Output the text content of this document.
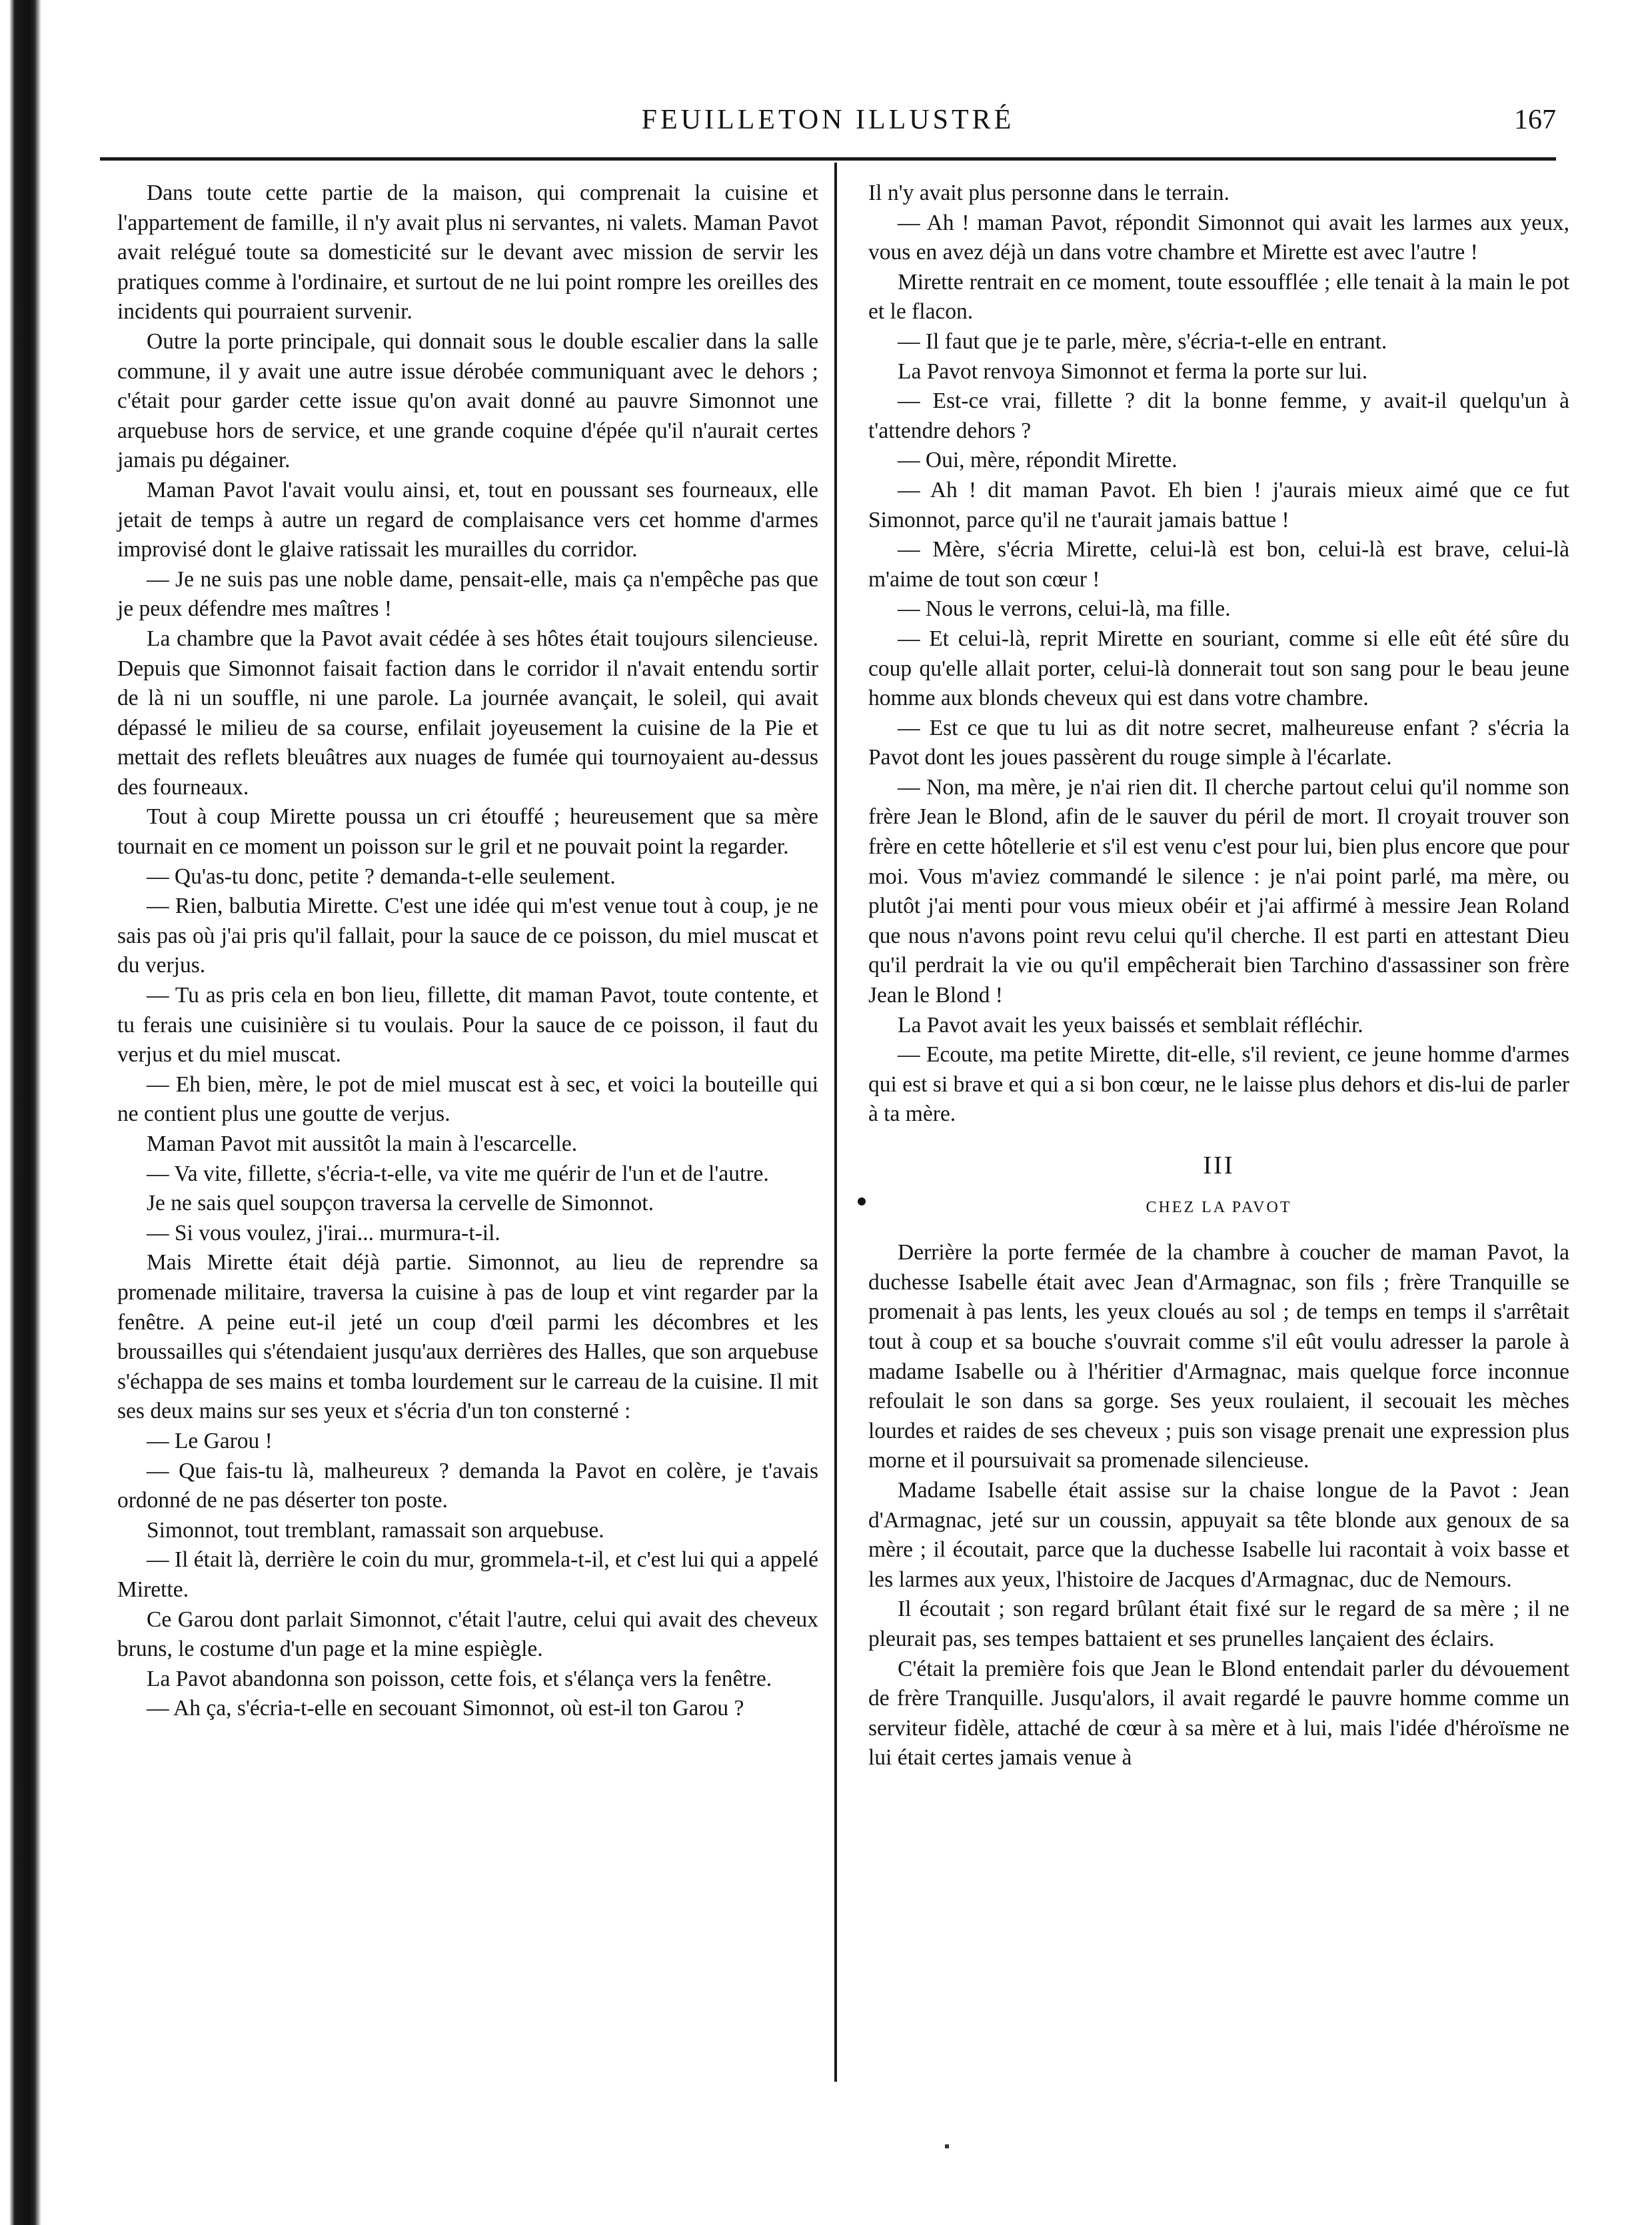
FEUILLETON ILLUSTRÉ	167

Dans toute cette partie de la maison, qui comprenait la cuisine et l'appartement de famille, il n'y avait plus ni servantes, ni valets. Maman Pavot avait relégué toute sa domesticité sur le devant avec mission de servir les pratiques comme à l'ordinaire, et surtout de ne lui point rompre les oreilles des incidents qui pourraient survenir.

Outre la porte principale, qui donnait sous le double escalier dans la salle commune, il y avait une autre issue dérobée communiquant avec le dehors ; c'était pour garder cette issue qu'on avait donné au pauvre Simonnot une arquebuse hors de service, et une grande coquine d'épée qu'il n'aurait certes jamais pu dégainer.

Maman Pavot l'avait voulu ainsi, et, tout en poussant ses fourneaux, elle jetait de temps à autre un regard de complaisance vers cet homme d'armes improvisé dont le glaive ratissait les murailles du corridor.

— Je ne suis pas une noble dame, pensait-elle, mais ça n'empêche pas que je peux défendre mes maîtres !

La chambre que la Pavot avait cédée à ses hôtes était toujours silencieuse. Depuis que Simonnot faisait faction dans le corridor il n'avait entendu sortir de là ni un souffle, ni une parole. La journée avançait, le soleil, qui avait dépassé le milieu de sa course, enfilait joyeusement la cuisine de la Pie et mettait des reflets bleuâtres aux nuages de fumée qui tournoyaient au-dessus des fourneaux.

Tout à coup Mirette poussa un cri étouffé ; heureusement que sa mère tournait en ce moment un poisson sur le gril et ne pouvait point la regarder.

— Qu'as-tu donc, petite ? demanda-t-elle seulement.

— Rien, balbutia Mirette. C'est une idée qui m'est venue tout à coup, je ne sais pas où j'ai pris qu'il fallait, pour la sauce de ce poisson, du miel muscat et du verjus.

— Tu as pris cela en bon lieu, fillette, dit maman Pavot, toute contente, et tu ferais une cuisinière si tu voulais. Pour la sauce de ce poisson, il faut du verjus et du miel muscat.

— Eh bien, mère, le pot de miel muscat est à sec, et voici la bouteille qui ne contient plus une goutte de verjus.

Maman Pavot mit aussitôt la main à l'escarcelle.

— Va vite, fillette, s'écria-t-elle, va vite me quérir de l'un et de l'autre.

Je ne sais quel soupçon traversa la cervelle de Simonnot.

— Si vous voulez, j'irai... murmura-t-il.

Mais Mirette était déjà partie. Simonnot, au lieu de reprendre sa promenade militaire, traversa la cuisine à pas de loup et vint regarder par la fenêtre. A peine eut-il jeté un coup d'œil parmi les décombres et les broussailles qui s'étendaient jusqu'aux derrières des Halles, que son arquebuse s'échappa de ses mains et tomba lourdement sur le carreau de la cuisine. Il mit ses deux mains sur ses yeux et s'écria d'un ton consterné :

— Le Garou !

— Que fais-tu là, malheureux ? demanda la Pavot en colère, je t'avais ordonné de ne pas déserter ton poste.

Simonnot, tout tremblant, ramassait son arquebuse.

— Il était là, derrière le coin du mur, grommela-t-il, et c'est lui qui a appelé Mirette.

Ce Garou dont parlait Simonnot, c'était l'autre, celui qui avait des cheveux bruns, le costume d'un page et la mine espiègle.

La Pavot abandonna son poisson, cette fois, et s'élança vers la fenêtre.

— Ah ça, s'écria-t-elle en secouant Simonnot, où est-il ton Garou ?

Il n'y avait plus personne dans le terrain.

— Ah ! maman Pavot, répondit Simonnot qui avait les larmes aux yeux, vous en avez déjà un dans votre chambre et Mirette est avec l'autre !

Mirette rentrait en ce moment, toute essoufflée ; elle tenait à la main le pot et le flacon.

— Il faut que je te parle, mère, s'écria-t-elle en entrant.

La Pavot renvoya Simonnot et ferma la porte sur lui.

— Est-ce vrai, fillette ? dit la bonne femme, y avait-il quelqu'un à t'attendre dehors ?

— Oui, mère, répondit Mirette.

— Ah ! dit maman Pavot. Eh bien ! j'aurais mieux aimé que ce fut Simonnot, parce qu'il ne t'aurait jamais battue !

— Mère, s'écria Mirette, celui-là est bon, celui-là est brave, celui-là m'aime de tout son cœur !

— Nous le verrons, celui-là, ma fille.

— Et celui-là, reprit Mirette en souriant, comme si elle eût été sûre du coup qu'elle allait porter, celui-là donnerait tout son sang pour le beau jeune homme aux blonds cheveux qui est dans votre chambre.

— Est ce que tu lui as dit notre secret, malheureuse enfant ? s'écria la Pavot dont les joues passèrent du rouge simple à l'écarlate.

— Non, ma mère, je n'ai rien dit. Il cherche partout celui qu'il nomme son frère Jean le Blond, afin de le sauver du péril de mort. Il croyait trouver son frère en cette hôtellerie et s'il est venu c'est pour lui, bien plus encore que pour moi. Vous m'aviez commandé le silence : je n'ai point parlé, ma mère, ou plutôt j'ai menti pour vous mieux obéir et j'ai affirmé à messire Jean Roland que nous n'avons point revu celui qu'il cherche. Il est parti en attestant Dieu qu'il perdrait la vie ou qu'il empêcherait bien Tarchino d'assassiner son frère Jean le Blond !

La Pavot avait les yeux baissés et semblait réfléchir.

— Ecoute, ma petite Mirette, dit-elle, s'il revient, ce jeune homme d'armes qui est si brave et qui a si bon cœur, ne le laisse plus dehors et dis-lui de parler à ta mère.

III
CHEZ LA PAVOT

Derrière la porte fermée de la chambre à coucher de maman Pavot, la duchesse Isabelle était avec Jean d'Armagnac, son fils ; frère Tranquille se promenait à pas lents, les yeux cloués au sol ; de temps en temps il s'arrêtait tout à coup et sa bouche s'ouvrait comme s'il eût voulu adresser la parole à madame Isabelle ou à l'héritier d'Armagnac, mais quelque force inconnue refoulait le son dans sa gorge. Ses yeux roulaient, il secouait les mèches lourdes et raides de ses cheveux ; puis son visage prenait une expression plus morne et il poursuivait sa promenade silencieuse.

Madame Isabelle était assise sur la chaise longue de la Pavot : Jean d'Armagnac, jeté sur un coussin, appuyait sa tête blonde aux genoux de sa mère ; il écoutait, parce que la duchesse Isabelle lui racontait à voix basse et les larmes aux yeux, l'histoire de Jacques d'Armagnac, duc de Nemours.

Il écoutait ; son regard brûlant était fixé sur le regard de sa mère ; il ne pleurait pas, ses tempes battaient et ses prunelles lançaient des éclairs.

C'était la première fois que Jean le Blond entendait parler du dévouement de frère Tranquille. Jusqu'alors, il avait regardé le pauvre homme comme un serviteur fidèle, attaché de cœur à sa mère et à lui, mais l'idée d'héroïsme ne lui était certes jamais venue à
